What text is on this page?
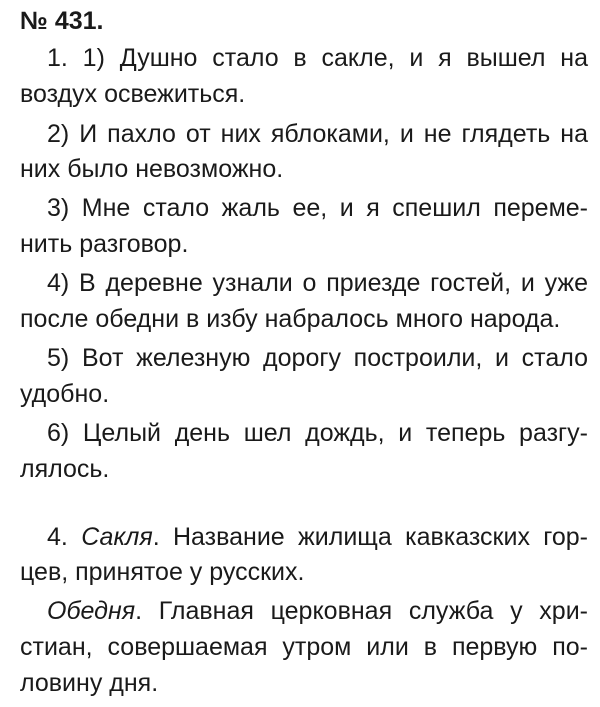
№ 431.

1. 1) Душно стало в сакле, и я вышел на

воздух освежиться.

2) И пахло от них яблоками, и не глядеть на

них было невозможно.

3) Мне стало жаль ее, и я спешил переме-

нить разговор.

4) В деревне узнали о приезде гостей, и уже

после обедни в избу набралось много народа.

5) Вот железную дорогу построили, и стало

удобно.

6) Целый день шел дождь, и теперь разгу-

лялось.

4. Сакля. Название жилища кавказских гор-

цев, принятое у русских.

Обедня. Главная церковная служба у хри-

стиан, совершаемая утром или в первую по-

ловину дня.
